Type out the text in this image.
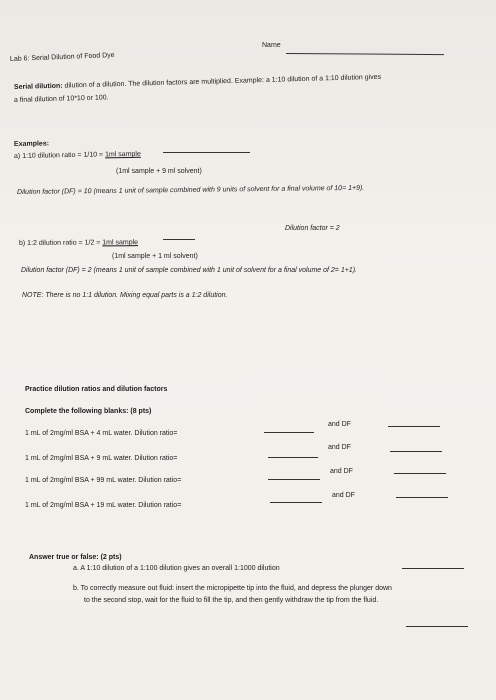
Lab 6: Serial Dilution of Food Dye
Name
Serial dilution: dilution of a dilution. The dilution factors are multiplied. Example: a 1:10 dilution of a 1:10 dilution gives
a final dilution of 10*10 or 100.
Examples:
a) 1:10 dilution ratio = 1/10 = 1ml sample
(1ml sample + 9 ml solvent)
Dilution factor (DF) = 10 (means 1 unit of sample combined with 9 units of solvent for a final volume of 10= 1+9).
Dilution factor = 2
b) 1:2 dilution ratio = 1/2 = 1ml sample
(1ml sample + 1 ml solvent)
Dilution factor (DF) = 2 (means 1 unit of sample combined with 1 unit of solvent for a final volume of 2= 1+1).
NOTE: There is no 1:1 dilution. Mixing equal parts is a 1:2 dilution.
Practice dilution ratios and dilution factors
Complete the following blanks: (8 pts)
1 mL of 2mg/ml BSA + 4 mL water. Dilution ratio=
and DF
1 mL of 2mg/ml BSA + 9 mL water. Dilution ratio=
and DF
1 mL of 2mg/ml BSA + 99 mL water. Dilution ratio=
and DF
1 mL of 2mg/ml BSA + 19 mL water. Dilution ratio=
and DF
Answer true or false: (2 pts)
a. A 1:10 dilution of a 1:100 dilution gives an overall 1:1000 dilution
b. To correctly measure out fluid: insert the micropipette tip into the fluid, and depress the plunger down
to the second stop, wait for the fluid to fill the tip, and then gently withdraw the tip from the fluid.
